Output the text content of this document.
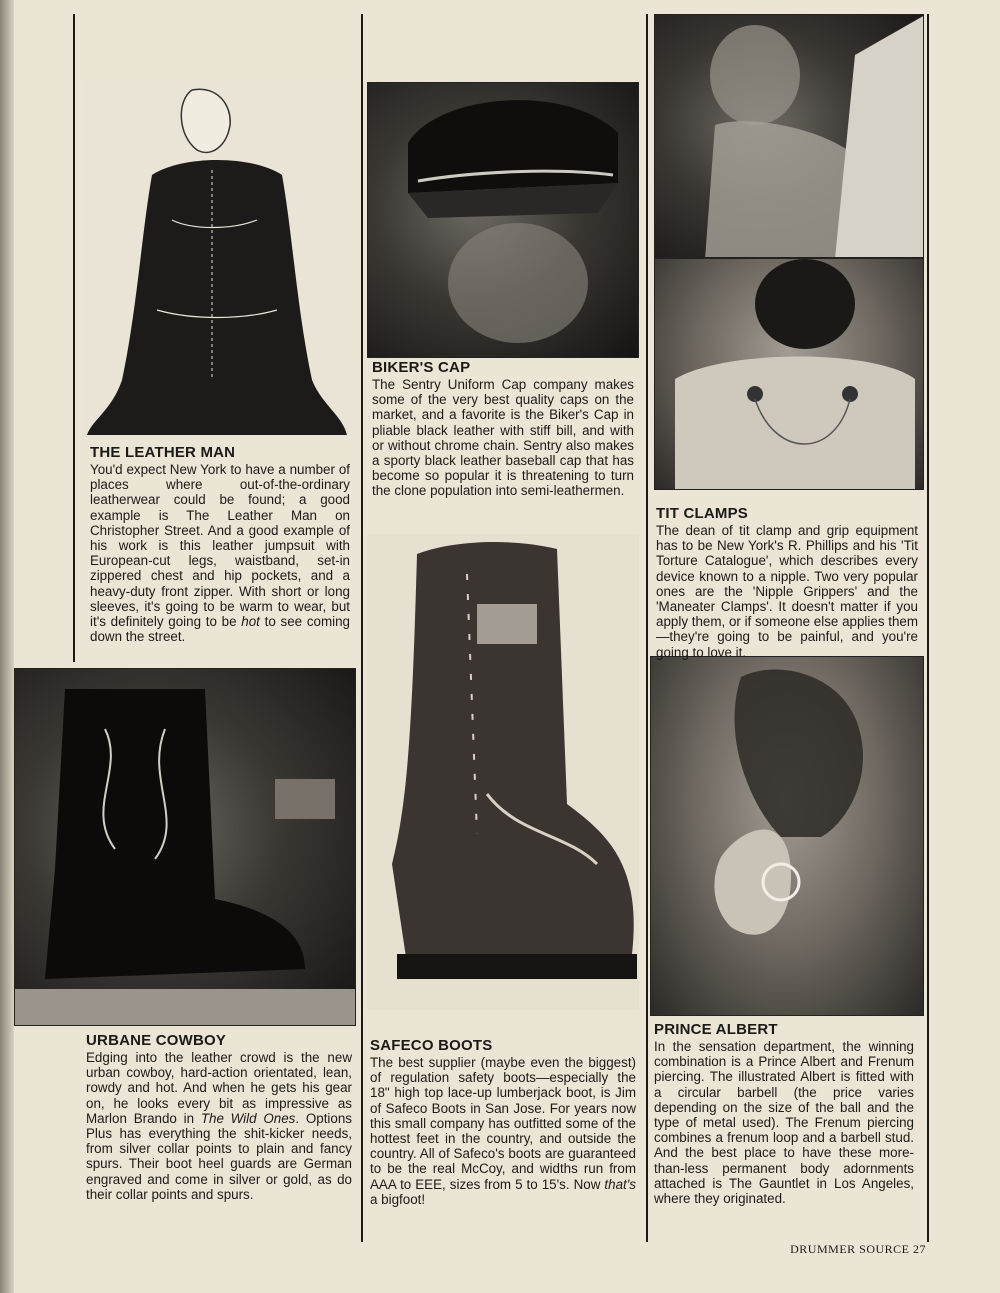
THE LEATHER MAN

You'd expect New York to have a number of places where out-of-the-ordinary leatherwear could be found; a good example is The Leather Man on Christopher Street. And a good example of his work is this leather jumpsuit with European-cut legs, waistband, set-in zippered chest and hip pockets, and a heavy-duty front zipper. With short or long sleeves, it's going to be warm to wear, but it's definitely going to be hot to see coming down the street.

BIKER'S CAP

The Sentry Uniform Cap company makes some of the very best quality caps on the market, and a favorite is the Biker's Cap in pliable black leather with stiff bill, and with or without chrome chain. Sentry also makes a sporty black leather baseball cap that has become so popular it is threatening to turn the clone population into semi-leathermen.

TIT CLAMPS

The dean of tit clamp and grip equipment has to be New York's R. Phillips and his 'Tit Torture Catalogue', which describes every device known to a nipple. Two very popular ones are the 'Nipple Grippers' and the 'Maneater Clamps'. It doesn't matter if you apply them, or if someone else applies them—they're going to be painful, and you're going to love it.

URBANE COWBOY

Edging into the leather crowd is the new urban cowboy, hard-action orientated, lean, rowdy and hot. And when he gets his gear on, he looks every bit as impressive as Marlon Brando in The Wild Ones. Options Plus has everything the shit-kicker needs, from silver collar points to plain and fancy spurs. Their boot heel guards are German engraved and come in silver or gold, as do their collar points and spurs.

SAFECO BOOTS

The best supplier (maybe even the biggest) of regulation safety boots—especially the 18" high top lace-up lumberjack boot, is Jim of Safeco Boots in San Jose. For years now this small company has outfitted some of the hottest feet in the country, and outside the country. All of Safeco's boots are guaranteed to be the real McCoy, and widths run from AAA to EEE, sizes from 5 to 15's. Now that's a bigfoot!

PRINCE ALBERT

In the sensation department, the winning combination is a Prince Albert and Frenum piercing. The illustrated Albert is fitted with a circular barbell (the price varies depending on the size of the ball and the type of metal used). The Frenum piercing combines a frenum loop and a barbell stud. And the best place to have these more-than-less permanent body adornments attached is The Gauntlet in Los Angeles, where they originated.

DRUMMER SOURCE 27
